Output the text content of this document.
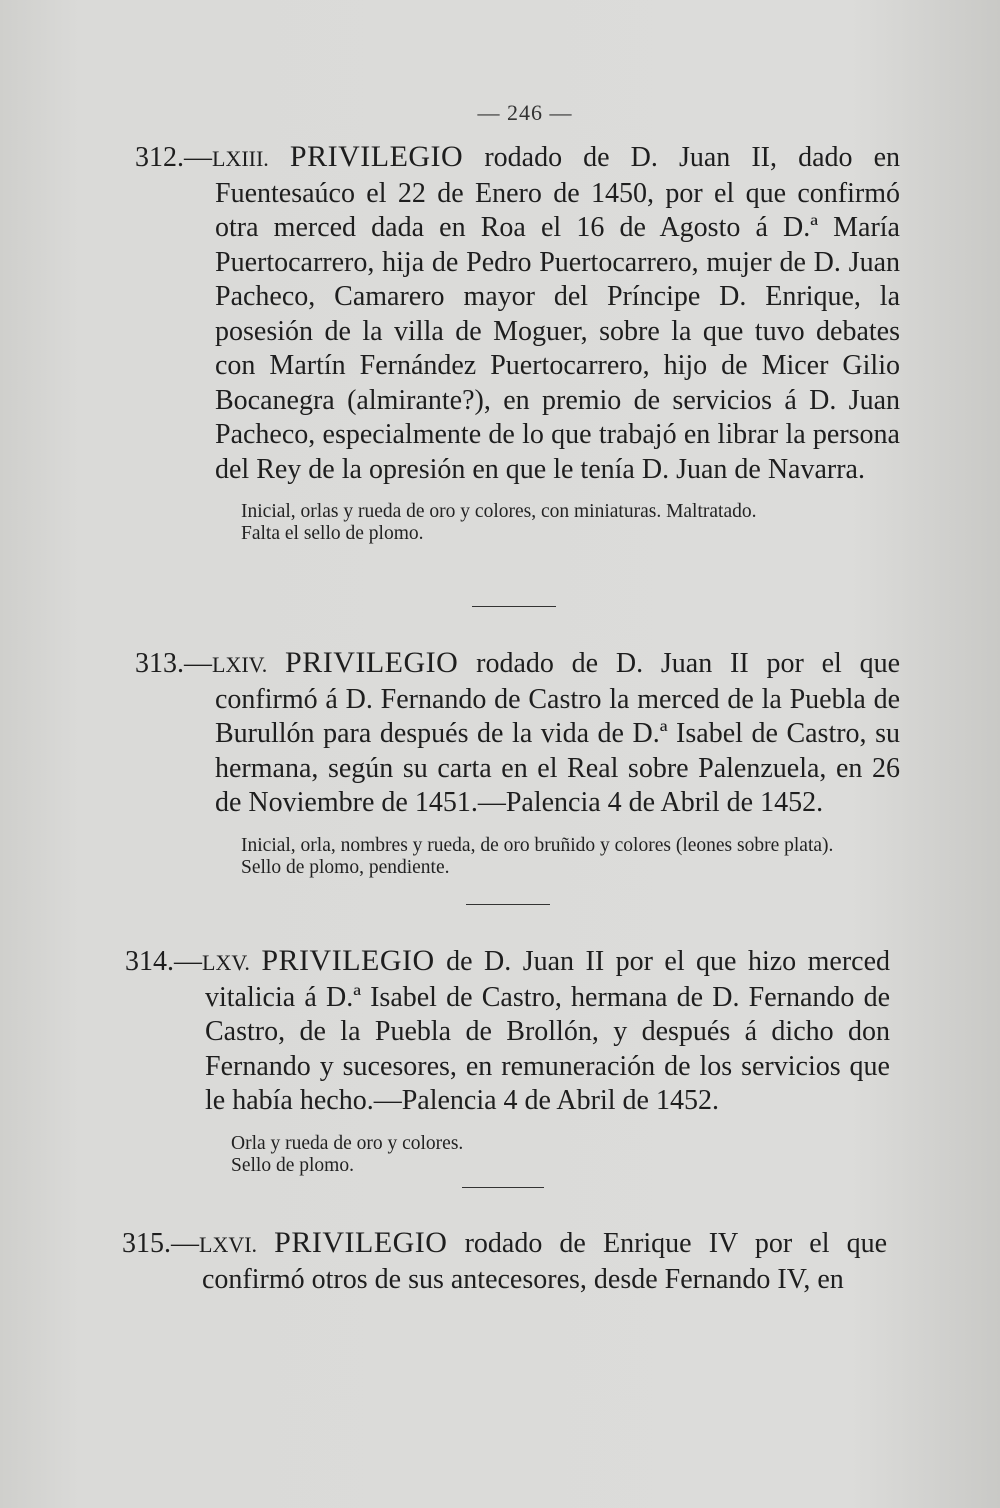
— 246 —

312.—LXIII. PRIVILEGIO rodado de D. Juan II, dado en Fuentesaúco el 22 de Enero de 1450, por el que confirmó otra merced dada en Roa el 16 de Agosto á D.ª María Puertocarrero, hija de Pedro Puertocarrero, mujer de D. Juan Pacheco, Camarero mayor del Príncipe D. Enrique, la posesión de la villa de Moguer, sobre la que tuvo debates con Martín Fernández Puertocarrero, hijo de Micer Gilio Bocanegra (almirante?), en premio de servicios á D. Juan Pacheco, especialmente de lo que trabajó en librar la persona del Rey de la opresión en que le tenía D. Juan de Navarra.

Inicial, orlas y rueda de oro y colores, con miniaturas. Maltratado.
Falta el sello de plomo.

313.—LXIV. PRIVILEGIO rodado de D. Juan II por el que confirmó á D. Fernando de Castro la merced de la Puebla de Burullón para después de la vida de D.ª Isabel de Castro, su hermana, según su carta en el Real sobre Palenzuela, en 26 de Noviembre de 1451.—Palencia 4 de Abril de 1452.

Inicial, orla, nombres y rueda, de oro bruñido y colores (leones sobre plata).
Sello de plomo, pendiente.

314.—LXV. PRIVILEGIO de D. Juan II por el que hizo merced vitalicia á D.ª Isabel de Castro, hermana de D. Fernando de Castro, de la Puebla de Brollón, y después á dicho don Fernando y sucesores, en remuneración de los servicios que le había hecho.—Palencia 4 de Abril de 1452.

Orla y rueda de oro y colores.
Sello de plomo.

315.—LXVI. PRIVILEGIO rodado de Enrique IV por el que confirmó otros de sus antecesores, desde Fernando IV, en
